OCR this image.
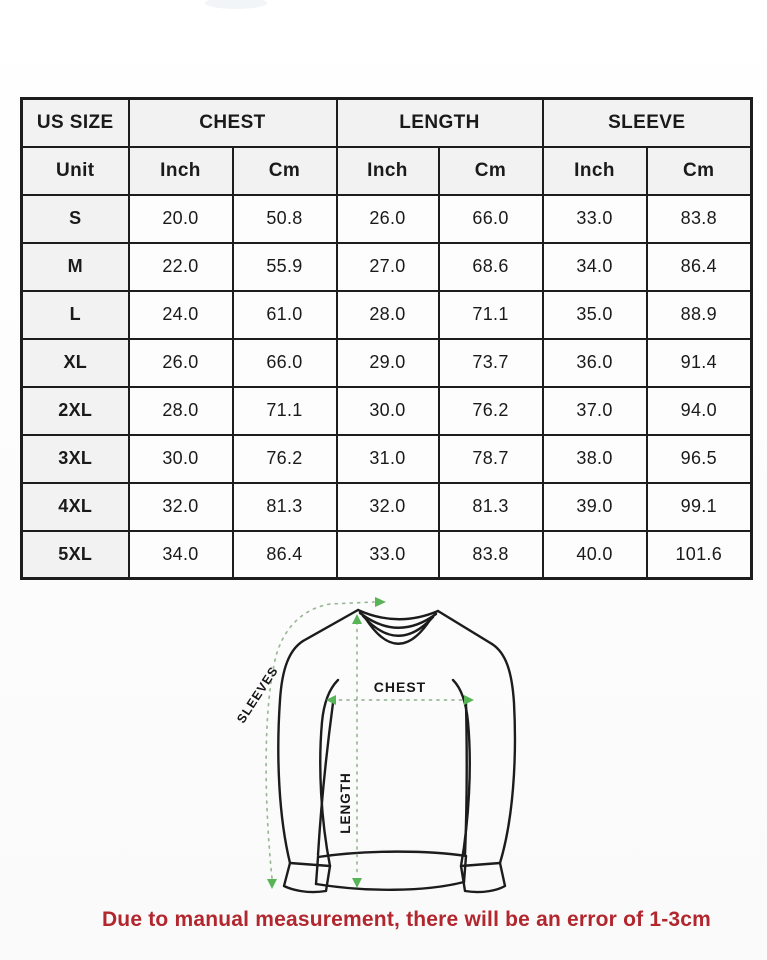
US SIZE	CHEST		LENGTH		SLEEVE	
Unit	Inch	Cm	Inch	Cm	Inch	Cm
S	20.0	50.8	26.0	66.0	33.0	83.8
M	22.0	55.9	27.0	68.6	34.0	86.4
L	24.0	61.0	28.0	71.1	35.0	88.9
XL	26.0	66.0	29.0	73.7	36.0	91.4
2XL	28.0	71.1	30.0	76.2	37.0	94.0
3XL	30.0	76.2	31.0	78.7	38.0	96.5
4XL	32.0	81.3	32.0	81.3	39.0	99.1
5XL	34.0	86.4	33.0	83.8	40.0	101.6
CHEST
LENGTH
SLEEVES
Due to manual measurement, there will be an error of 1-3cm
